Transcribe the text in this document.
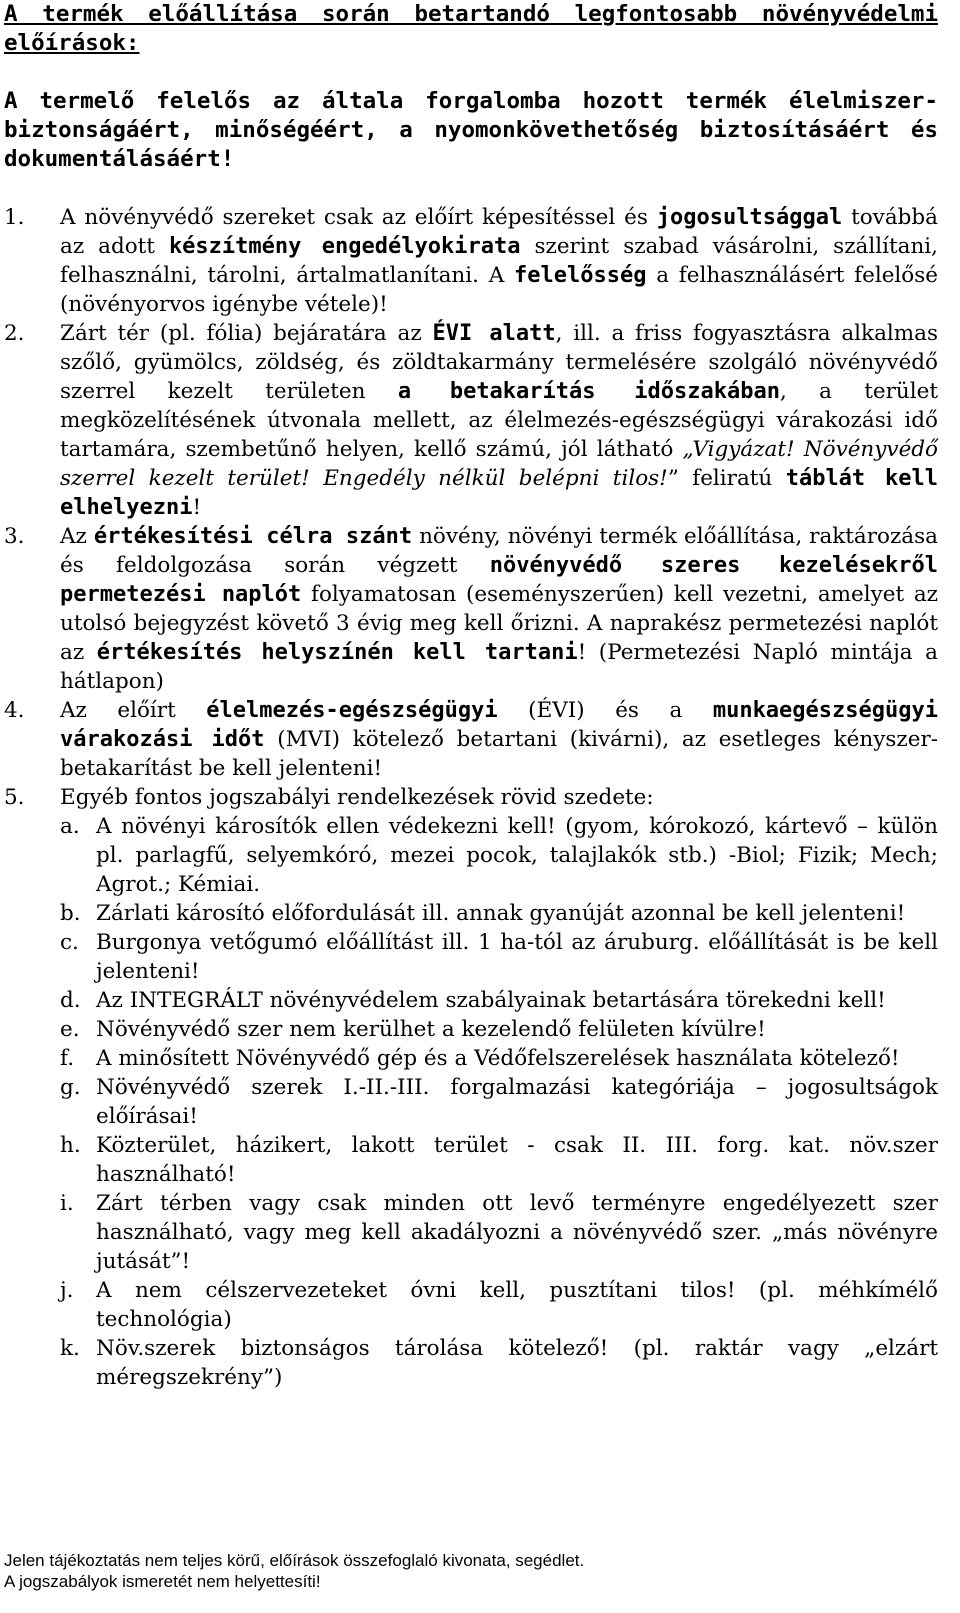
A termék előállítása során betartandó legfontosabb növényvédelmi előírások:

A termelő felelős az általa forgalomba hozott termék élelmiszer-biztonságáért, minőségéért, a nyomonkövethetőség biztosításáért és dokumentálásáért!

1. A növényvédő szereket csak az előírt képesítéssel és jogosultsággal továbbá az adott készítmény engedélyokirata szerint szabad vásárolni, szállítani, felhasználni, tárolni, ártalmatlanítani. A felelősség a felhasználásért felelősé (növényorvos igénybe vétele)!
2. Zárt tér (pl. fólia) bejáratára az ÉVI alatt, ill. a friss fogyasztásra alkalmas szőlő, gyümölcs, zöldség, és zöldtakarmány termelésére szolgáló növényvédő szerrel kezelt területen a betakarítás időszakában, a terület megközelítésének útvonala mellett, az élelmezés-egészségügyi várakozási idő tartamára, szembetűnő helyen, kellő számú, jól látható „Vigyázat! Növényvédő szerrel kezelt terület! Engedély nélkül belépni tilos!” feliratú táblát kell elhelyezni!
3. Az értékesítési célra szánt növény, növényi termék előállítása, raktározása és feldolgozása során végzett növényvédő szeres kezelésekről permetezési naplót folyamatosan (eseményszerűen) kell vezetni, amelyet az utolsó bejegyzést követő 3 évig meg kell őrizni. A naprakész permetezési naplót az értékesítés helyszínén kell tartani! (Permetezési Napló mintája a hátlapon)
4. Az előírt élelmezés-egészségügyi (ÉVI) és a munkaegészségügyi várakozási időt (MVI) kötelező betartani (kivárni), az esetleges kényszer-betakarítást be kell jelenteni!
5. Egyéb fontos jogszabályi rendelkezések rövid szedete:
a. A növényi károsítók ellen védekezni kell! (gyom, kórokozó, kártevő – külön pl. parlagfű, selyemkóró, mezei pocok, talajlakók stb.) -Biol; Fizik; Mech; Agrot.; Kémiai.
b. Zárlati károsító előfordulását ill. annak gyanúját azonnal be kell jelenteni!
c. Burgonya vetőgumó előállítást ill. 1 ha-tól az áruburg. előállítását is be kell jelenteni!
d. Az INTEGRÁLT növényvédelem szabályainak betartására törekedni kell!
e. Növényvédő szer nem kerülhet a kezelendő felületen kívülre!
f. A minősített Növényvédő gép és a Védőfelszerelések használata kötelező!
g. Növényvédő szerek I.-II.-III. forgalmazási kategóriája – jogosultságok előírásai!
h. Közterület, házikert, lakott terület - csak II. III. forg. kat. növ.szer használható!
i. Zárt térben vagy csak minden ott levő terményre engedélyezett szer használható, vagy meg kell akadályozni a növényvédő szer. „más növényre jutását”!
j. A nem célszervezeteket óvni kell, pusztítani tilos! (pl. méhkímélő technológia)
k. Növ.szerek biztonságos tárolása kötelező! (pl. raktár vagy „elzárt méregszekrény”)
Jelen tájékoztatás nem teljes körű, előírások összefoglaló kivonata, segédlet.
A jogszabályok ismeretét nem helyettesíti!
